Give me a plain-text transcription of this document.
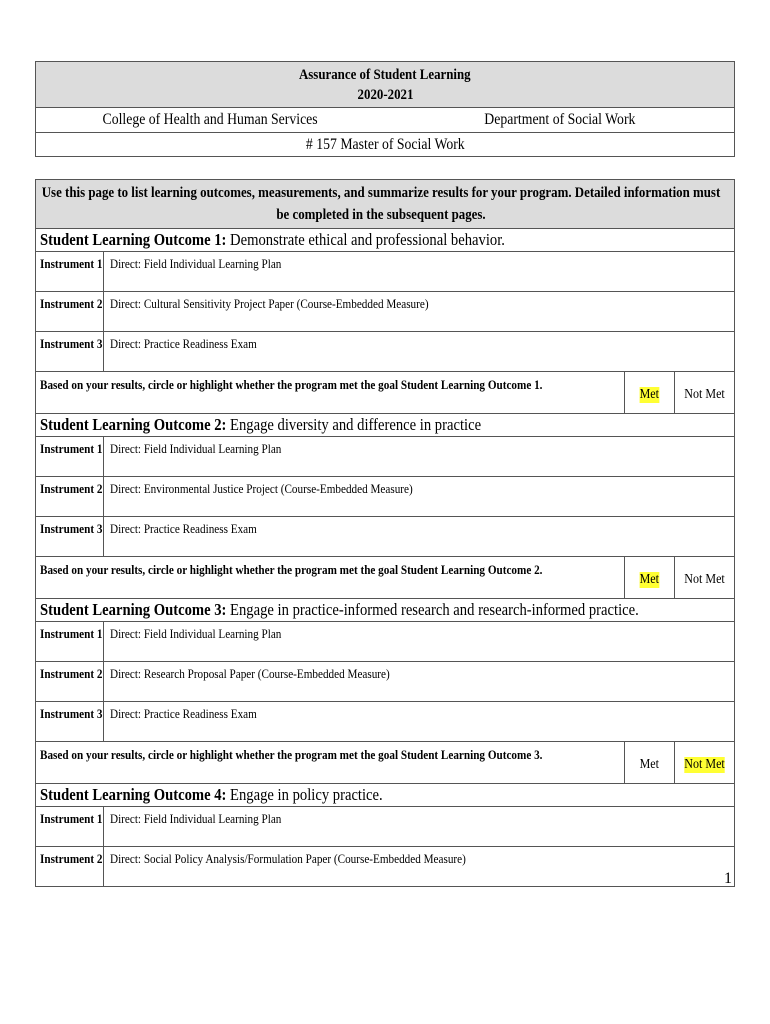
Assurance of Student Learning
2020-2021
College of Health and Human Services	Department of Social Work
# 157 Master of Social Work
Use this page to list learning outcomes, measurements, and summarize results for your program. Detailed information must be completed in the subsequent pages.
Student Learning Outcome 1: Demonstrate ethical and professional behavior.
Instrument 1 Direct: Field Individual Learning Plan
Instrument 2 Direct: Cultural Sensitivity Project Paper (Course-Embedded Measure)
Instrument 3 Direct: Practice Readiness Exam
Based on your results, circle or highlight whether the program met the goal Student Learning Outcome 1.
Met Not Met
Student Learning Outcome 2: Engage diversity and difference in practice
Instrument 1 Direct: Field Individual Learning Plan
Instrument 2 Direct: Environmental Justice Project (Course-Embedded Measure)
Instrument 3 Direct: Practice Readiness Exam
Based on your results, circle or highlight whether the program met the goal Student Learning Outcome 2.
Met Not Met
Student Learning Outcome 3: Engage in practice-informed research and research-informed practice.
Instrument 1 Direct: Field Individual Learning Plan
Instrument 2 Direct: Research Proposal Paper (Course-Embedded Measure)
Instrument 3 Direct: Practice Readiness Exam
Based on your results, circle or highlight whether the program met the goal Student Learning Outcome 3.
Met Not Met
Student Learning Outcome 4: Engage in policy practice.
Instrument 1 Direct: Field Individual Learning Plan
Instrument 2 Direct: Social Policy Analysis/Formulation Paper (Course-Embedded Measure)
1
